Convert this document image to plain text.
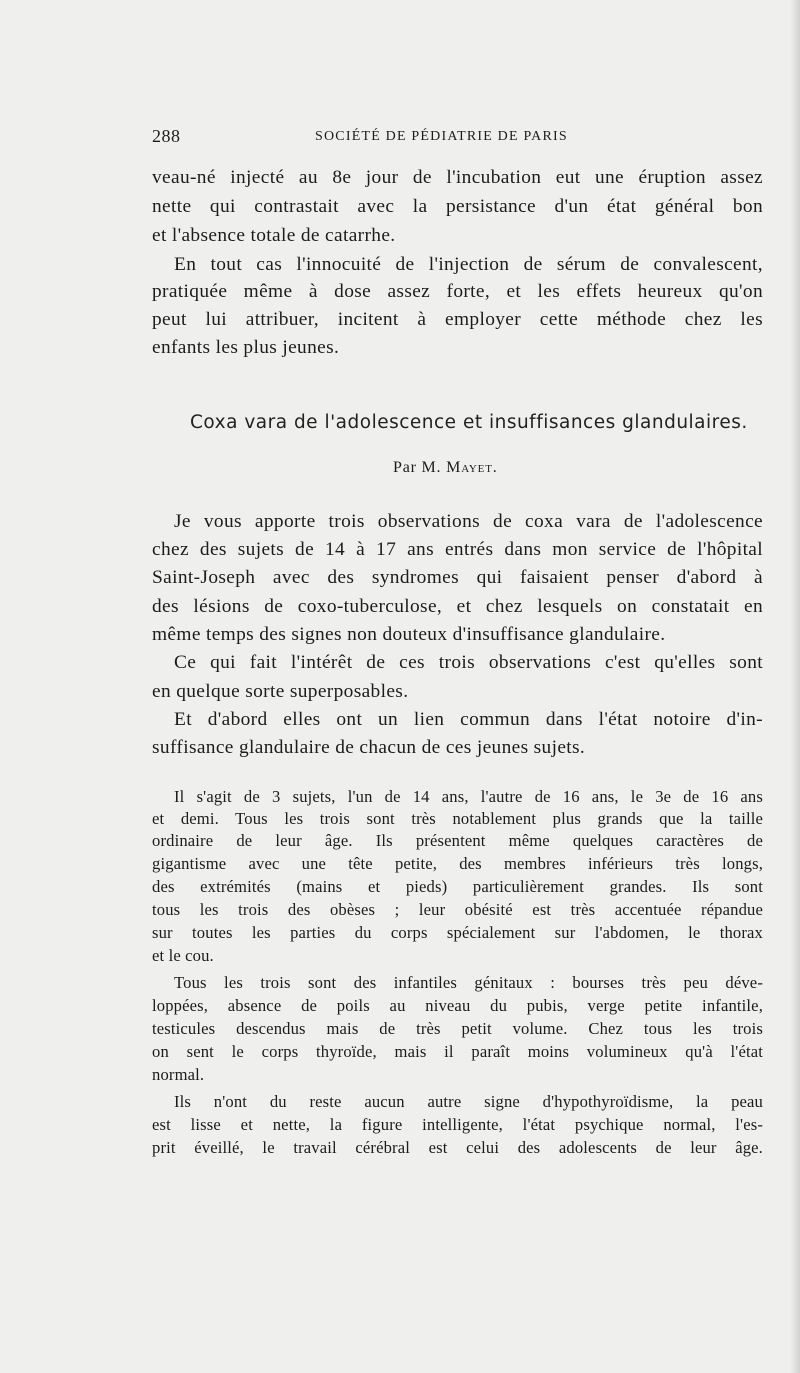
288	SOCIÉTÉ DE PÉDIATRIE DE PARIS
veau-né injecté au 8e jour de l'incubation eut une éruption assez
nette qui contrastait avec la persistance d'un état général bon
et l'absence totale de catarrhe.
En tout cas l'innocuité de l'injection de sérum de convalescent,
pratiquée même à dose assez forte, et les effets heureux qu'on
peut lui attribuer, incitent à employer cette méthode chez les
enfants les plus jeunes.
Coxa vara de l'adolescence et insuffisances glandulaires.
Par M. Mayet.
Je vous apporte trois observations de coxa vara de l'adolescence
chez des sujets de 14 à 17 ans entrés dans mon service de l'hôpital
Saint-Joseph avec des syndromes qui faisaient penser d'abord à
des lésions de coxo-tuberculose, et chez lesquels on constatait en
même temps des signes non douteux d'insuffisance glandulaire.
Ce qui fait l'intérêt de ces trois observations c'est qu'elles sont
en quelque sorte superposables.
Et d'abord elles ont un lien commun dans l'état notoire d'in-
suffisance glandulaire de chacun de ces jeunes sujets.
Il s'agit de 3 sujets, l'un de 14 ans, l'autre de 16 ans, le 3e de 16 ans
et demi. Tous les trois sont très notablement plus grands que la taille
ordinaire de leur âge. Ils présentent même quelques caractères de
gigantisme avec une tête petite, des membres inférieurs très longs,
des extrémités (mains et pieds) particulièrement grandes. Ils sont
tous les trois des obèses ; leur obésité est très accentuée répandue
sur toutes les parties du corps spécialement sur l'abdomen, le thorax
et le cou.
Tous les trois sont des infantiles génitaux : bourses très peu déve-
loppées, absence de poils au niveau du pubis, verge petite infantile,
testicules descendus mais de très petit volume. Chez tous les trois
on sent le corps thyroïde, mais il paraît moins volumineux qu'à l'état
normal.
Ils n'ont du reste aucun autre signe d'hypothyroïdisme, la peau
est lisse et nette, la figure intelligente, l'état psychique normal, l'es-
prit éveillé, le travail cérébral est celui des adolescents de leur âge.
